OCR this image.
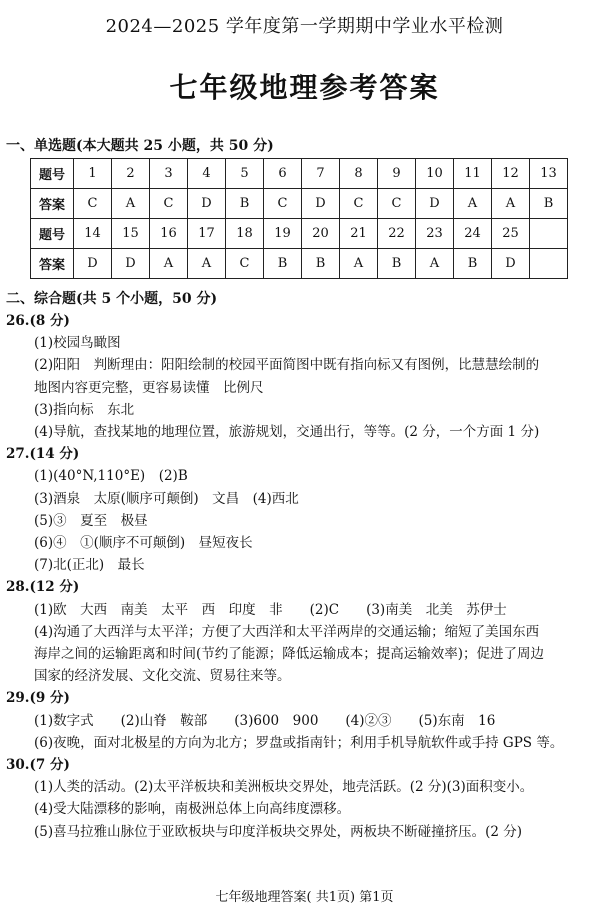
2024—2025 学年度第一学期期中学业水平检测
七年级地理参考答案
一、单选题(本大题共 25 小题，共 50 分)
题号	1	2	3	4	5	6	7	8	9	10	11	12	13
答案	C	A	C	D	B	C	D	C	C	D	A	A	B
题号	14	15	16	17	18	19	20	21	22	23	24	25	
答案	D	D	A	A	C	B	B	A	B	A	B	D	
二、综合题(共 5 个小题，50 分)
26.(8 分)
(1)校园鸟瞰图
(2)阳阳　判断理由：阳阳绘制的校园平面简图中既有指向标又有图例，比慧慧绘制的
地图内容更完整，更容易读懂　比例尺
(3)指向标　东北
(4)导航，查找某地的地理位置，旅游规划，交通出行，等等。(2 分，一个方面 1 分)
27.(14 分)
(1)(40°N,110°E)　(2)B
(3)酒泉　太原(顺序可颠倒)　文昌　(4)西北
(5)③　夏至　极昼
(6)④　①(顺序不可颠倒)　昼短夜长
(7)北(正北)　最长
28.(12 分)
(1)欧　大西　南美　太平　西　印度　非　　(2)C　　(3)南美　北美　苏伊士
(4)沟通了大西洋与太平洋；方便了大西洋和太平洋两岸的交通运输；缩短了美国东西
海岸之间的运输距离和时间(节约了能源；降低运输成本；提高运输效率)；促进了周边
国家的经济发展、文化交流、贸易往来等。
29.(9 分)
(1)数字式　　(2)山脊　鞍部　　(3)600　900　　(4)②③　　(5)东南　16
(6)夜晚，面对北极星的方向为北方；罗盘或指南针；利用手机导航软件或手持 GPS 等。
30.(7 分)
(1)人类的活动。(2)太平洋板块和美洲板块交界处，地壳活跃。(2 分)(3)面积变小。
(4)受大陆漂移的影响，南极洲总体上向高纬度漂移。
(5)喜马拉雅山脉位于亚欧板块与印度洋板块交界处，两板块不断碰撞挤压。(2 分)
七年级地理答案( 共1页) 第1页
